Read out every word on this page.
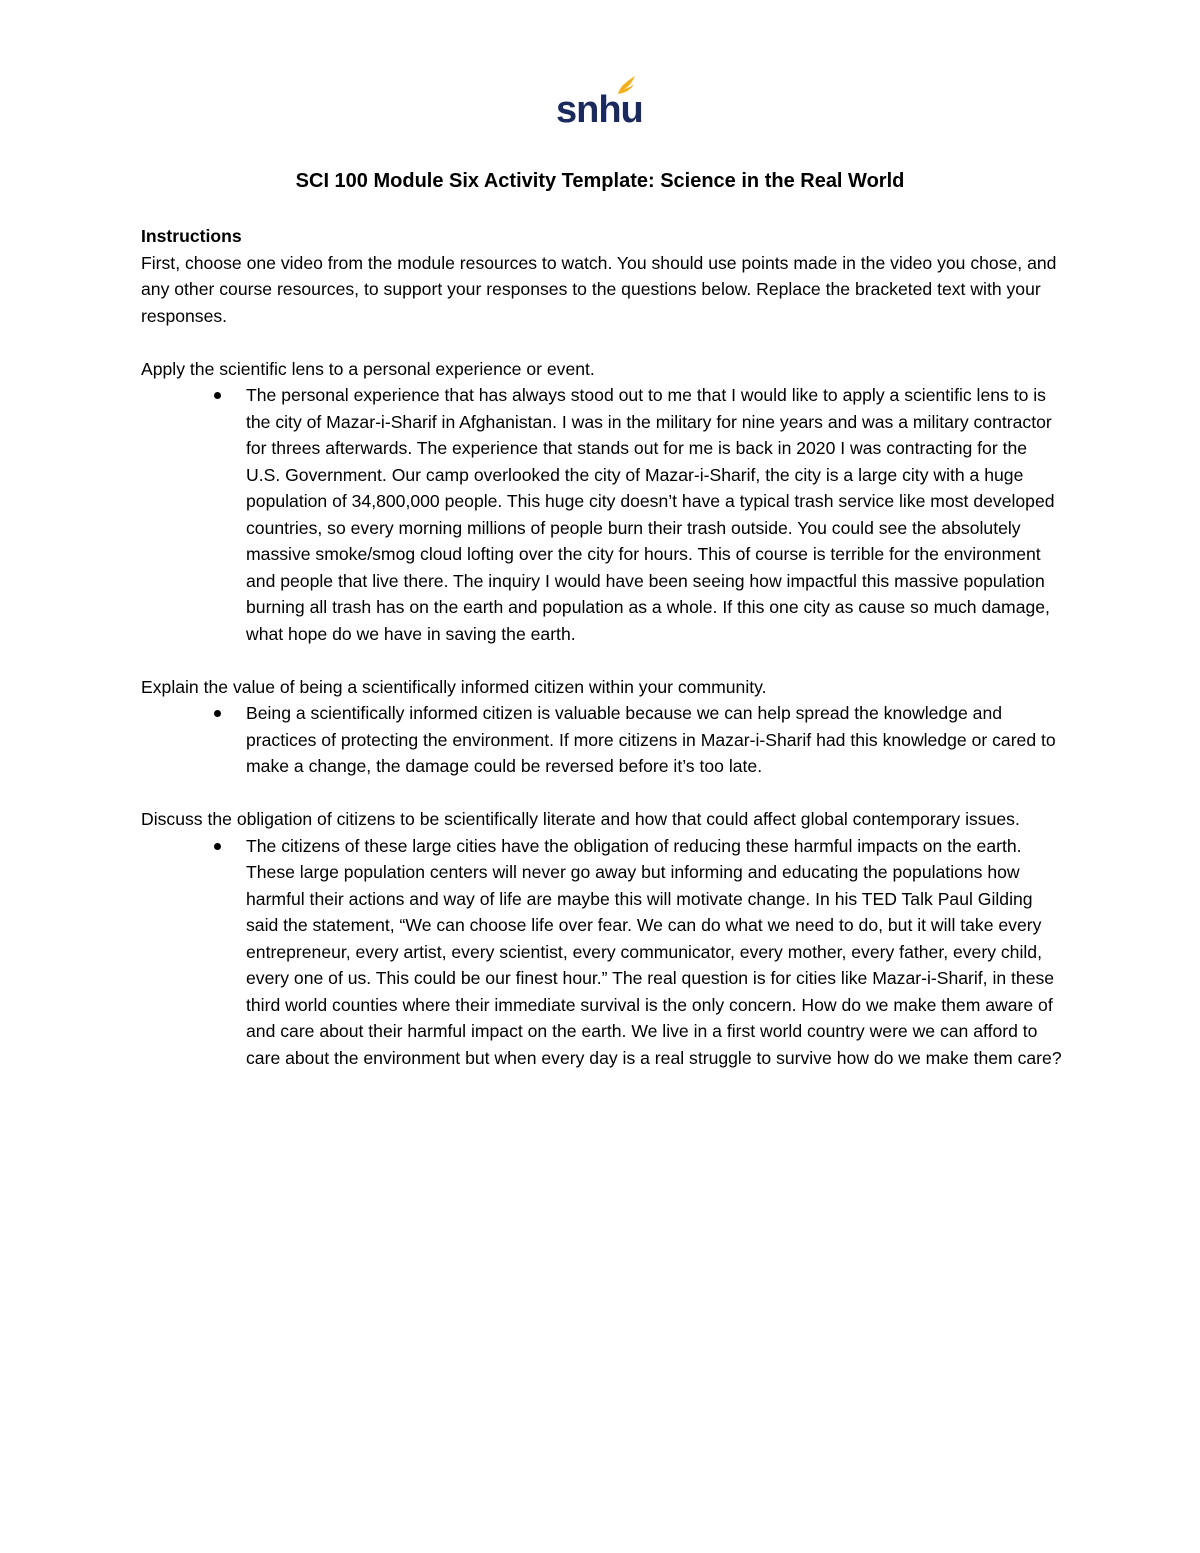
snhu
SCI 100 Module Six Activity Template: Science in the Real World

Instructions

First, choose one video from the module resources to watch. You should use points made in the video you chose, and any other course resources, to support your responses to the questions below. Replace the bracketed text with your responses.

Apply the scientific lens to a personal experience or event.

The personal experience that has always stood out to me that I would like to apply a scientific lens to is the city of Mazar-i-Sharif in Afghanistan. I was in the military for nine years and was a military contractor for threes afterwards. The experience that stands out for me is back in 2020 I was contracting for the U.S. Government. Our camp overlooked the city of Mazar-i-Sharif, the city is a large city with a huge population of 34,800,000 people. This huge city doesn’t have a typical trash service like most developed countries, so every morning millions of people burn their trash outside. You could see the absolutely massive smoke/smog cloud lofting over the city for hours. This of course is terrible for the environment and people that live there. The inquiry I would have been seeing how impactful this massive population burning all trash has on the earth and population as a whole. If this one city as cause so much damage, what hope do we have in saving the earth.

Explain the value of being a scientifically informed citizen within your community.

Being a scientifically informed citizen is valuable because we can help spread the knowledge and practices of protecting the environment. If more citizens in Mazar-i-Sharif had this knowledge or cared to make a change, the damage could be reversed before it’s too late.

Discuss the obligation of citizens to be scientifically literate and how that could affect global contemporary issues.

The citizens of these large cities have the obligation of reducing these harmful impacts on the earth. These large population centers will never go away but informing and educating the populations how harmful their actions and way of life are maybe this will motivate change. In his TED Talk Paul Gilding said the statement, “We can choose life over fear. We can do what we need to do, but it will take every entrepreneur, every artist, every scientist, every communicator, every mother, every father, every child, every one of us. This could be our finest hour.” The real question is for cities like Mazar-i-Sharif, in these third world counties where their immediate survival is the only concern. How do we make them aware of and care about their harmful impact on the earth. We live in a first world country were we can afford to care about the environment but when every day is a real struggle to survive how do we make them care?
